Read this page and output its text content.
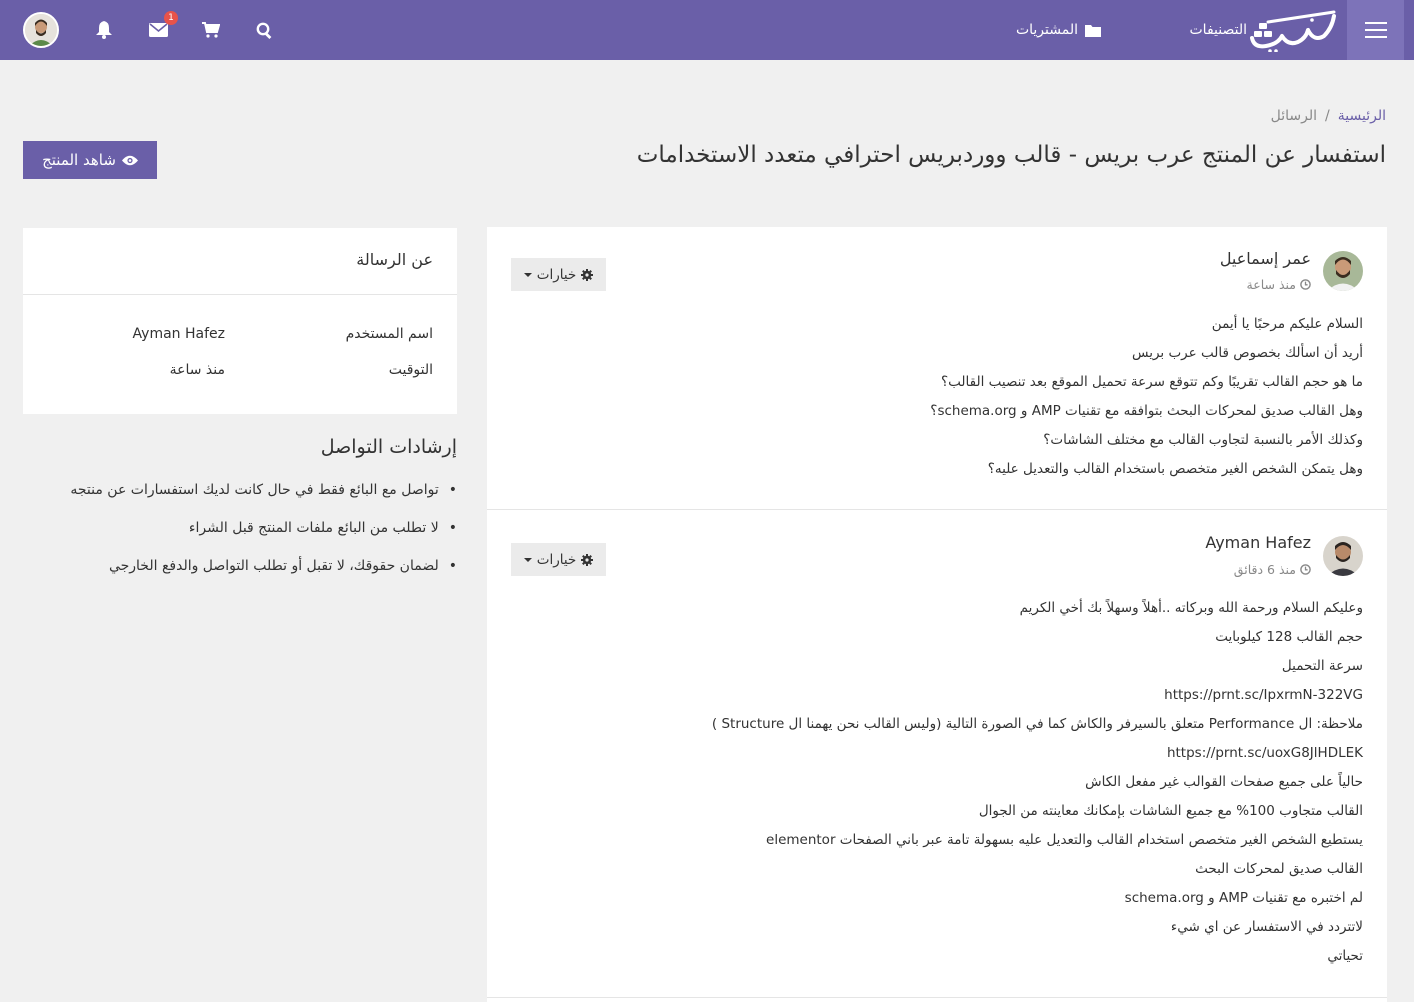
التصنيفات
المشتريات
1
الرئيسية
/
الرسائل
استفسار عن المنتج عرب بريس - قالب ووردبريس احترافي متعدد الاستخدامات
شاهد المنتج
عن الرسالة
اسم المستخدم
Ayman Hafez
التوقيت
منذ ساعة
إرشادات التواصل
• تواصل مع البائع فقط في حال كانت لديك استفسارات عن منتجه
• لا تطلب من البائع ملفات المنتج قبل الشراء
• لضمان حقوقك، لا تقبل أو تطلب التواصل والدفع الخارجي
عمر إسماعيل
منذ ساعة
خيارات

السلام عليكم مرحبًا يا أيمن

أريد أن اسألك بخصوص قالب عرب بريس

ما هو حجم القالب تقريبًا وكم تتوقع سرعة تحميل الموقع بعد تنصيب القالب؟

وهل القالب صديق لمحركات البحث بتوافقه مع تقنيات AMP و schema.org؟

وكذلك الأمر بالنسبة لتجاوب القالب مع مختلف الشاشات؟

وهل يتمكن الشخص الغير متخصص باستخدام القالب والتعديل عليه؟

Ayman Hafez
منذ 6 دقائق
خيارات

وعليكم السلام ورحمة الله وبركاته ..أهلاً وسهلاً بك أخي الكريم

حجم القالب 128 كيلوبايت

سرعة التحميل

https://prnt.sc/IpxrmN-322VG

ملاحظة: ال Performance متعلق بالسيرفر والكاش كما في الصورة التالية (وليس القالب نحن يهمنا ال Structure )

https://prnt.sc/uoxG8JlHDLEK

حالياً على جميع صفحات القوالب غير مفعل الكاش

القالب متجاوب 100% مع جميع الشاشات بإمكانك معاينته من الجوال

يستطيع الشخص الغير متخصص استخدام القالب والتعديل عليه بسهولة تامة عبر باني الصفحات elementor

القالب صديق لمحركات البحث

لم اختبره مع تقنيات AMP و schema.org

لاتتردد في الاستفسار عن اي شيء

تحياتي
